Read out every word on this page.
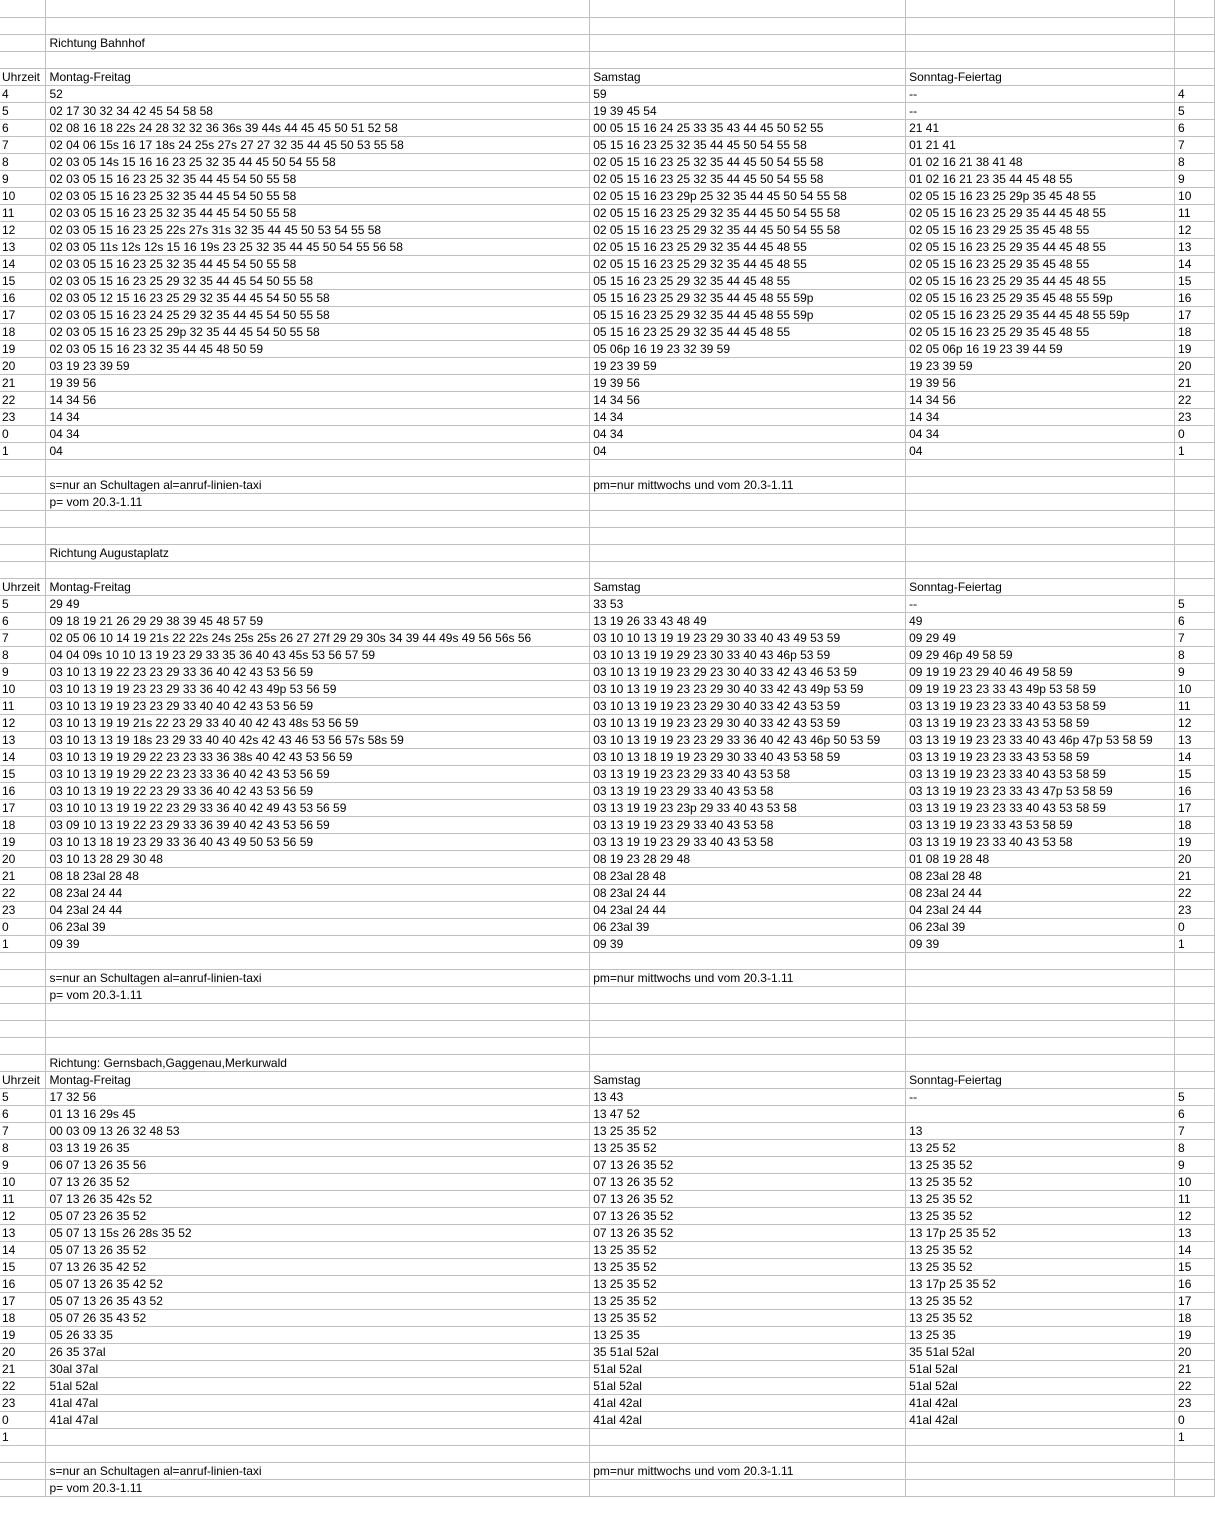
	Richtung Bahnhof			

Uhrzeit	Montag-Freitag	Samstag	Sonntag-Feiertag	
4	52	59	--	4
5	02 17 30 32 34 42 45 54 58 58	19 39 45 54	--	5
6	02 08 16 18 22s 24 28 32 32 36 36s 39 44s 44 45 45 50 51 52 58	00 05 15 16 24 25 33 35 43 44 45 50 52 55	21 41	6
7	02 04 06 15s 16 17 18s 24 25s 27s 27 27 32 35 44 45 50 53 55 58	05 15 16 23 25 32 35 44 45 50 54 55 58	01 21 41	7
8	02 03 05 14s 15 16 16 23 25 32 35 44 45 50 54 55 58	02 05 15 16 23 25 32 35 44 45 50 54 55 58	01 02 16 21 38 41 48	8
9	02 03 05 15 16 23 25 32 35 44 45 54 50 55 58	02 05 15 16 23 25 32 35 44 45 50 54 55 58	01 02 16 21 23 35 44 45 48 55	9
10	02 03 05 15 16 23 25 32 35 44 45 54 50 55 58	02 05 15 16 23 29p 25 32 35 44 45 50 54 55 58	02 05 15 16 23 25 29p 35 45 48 55	10
11	02 03 05 15 16 23 25 32 35 44 45 54 50 55 58	02 05 15 16 23 25 29 32 35 44 45 50 54 55 58	02 05 15 16 23 25 29 35 44 45 48 55	11
12	02 03 05 15 16 23 25 22s 27s 31s 32 35 44 45 50 53 54 55 58	02 05 15 16 23 25 29 32 35 44 45 50 54 55 58	02 05 15 16 23 29 25 35 45 48 55	12
13	02 03 05 11s 12s 12s 15 16 19s 23 25 32 35 44 45 50 54 55 56 58	02 05 15 16 23 25 29 32 35 44 45 48 55	02 05 15 16 23 25 29 35 44 45 48 55	13
14	02 03 05 15 16 23 25 32 35 44 45 54 50 55 58	02 05 15 16 23 25 29 32 35 44 45 48 55	02 05 15 16 23 25 29 35 45 48 55	14
15	02 03 05 15 16 23 25 29 32 35 44 45 54 50 55 58	05 15 16 23 25 29 32 35 44 45 48 55	02 05 15 16 23 25 29 35 44 45 48 55	15
16	02 03 05 12 15 16 23 25 29 32 35 44 45 54 50 55 58	05 15 16 23 25 29 32 35 44 45 48 55 59p	02 05 15 16 23 25 29 35 45 48 55 59p	16
17	02 03 05 15 16 23 24 25 29 32 35 44 45 54 50 55 58	05 15 16 23 25 29 32 35 44 45 48 55 59p	02 05 15 16 23 25 29 35 44 45 48 55 59p	17
18	02 03 05 15 16 23 25 29p 32 35 44 45 54 50 55 58	05 15 16 23 25 29 32 35 44 45 48 55	02 05 15 16 23 25 29 35 45 48 55	18
19	02 03 05 15 16 23 32 35 44 45 48 50 59	05 06p 16 19 23 32 39 59	02 05 06p 16 19 23 39 44 59	19
20	03 19 23 39 59	19 23 39 59	19 23 39 59	20
21	19 39 56	19 39 56	19 39 56	21
22	14 34 56	14 34 56	14 34 56	22
23	14 34	14 34	14 34	23
0	04 34	04 34	04 34	0
1	04	04	04	1

	s=nur an Schultagen al=anruf-linien-taxi	pm=nur mittwochs und vom 20.3-1.11		
	p= vom 20.3-1.11			

	Richtung Augustaplatz			

Uhrzeit	Montag-Freitag	Samstag	Sonntag-Feiertag	
5	29 49	33 53	--	5
6	09 18 19 21 26 29 29 38 39 45 48 57 59	13 19 26 33 43 48 49	49	6
7	02 05 06 10 14 19 21s 22 22s 24s 25s 25s 26 27 27f 29 29 30s 34 39 44 49s 49 56 56s 56	03 10 10 13 19 19 23 29 30 33 40 43 49 53 59	09 29 49	7
8	04 04 09s 10 10 13 19 23 29 33 35 36 40 43 45s 53 56 57 59	03 10 13 19 19 29 23 30 33 40 43 46p 53 59	09 29 46p 49 58 59	8
9	03 10 13 19 22 23 23 29 33 36 40 42 43 53 56 59	03 10 13 19 19 23 29 23 30 40 33 42 43 46 53 59	09 19 19 23 29 40 46 49 58 59	9
10	03 10 13 19 19 23 23 29 33 36 40 42 43 49p 53 56 59	03 10 13 19 19 23 23 29 30 40 33 42 43 49p 53 59	09 19 19 23 23 33 43 49p 53 58 59	10
11	03 10 13 19 19 23 23 29 33 40 40 42 43 53 56 59	03 10 13 19 19 23 23 29 30 40 33 42 43 53 59	03 13 19 19 23 23 33 40 43 53 58 59	11
12	03 10 13 19 19 21s 22 23 29 33 40 40 42 43 48s 53 56 59	03 10 13 19 19 23 23 29 30 40 33 42 43 53 59	03 13 19 19 23 23 33 43 53 58 59	12
13	03 10 13 13 19 18s 23 29 33 40 40 42s 42 43 46 53 56 57s 58s 59	03 10 13 19 19 23 23 29 33 36 40 42 43 46p 50 53 59	03 13 19 19 23 23 33 40 43 46p 47p 53 58 59	13
14	03 10 13 19 19 29 22 23 23 33 36 38s 40 42 43 53 56 59	03 10 13 18 19 19 23 29 30 33 40 43 53 58 59	03 13 19 19 23 23 33 43 53 58 59	14
15	03 10 13 19 19 29 22 23 23 33 36 40 42 43 53 56 59	03 13 19 19 23 23 29 33 40 43 53 58	03 13 19 19 23 23 33 40 43 53 58 59	15
16	03 10 13 19 19 22 23 29 33 36 40 42 43 53 56 59	03 13 19 19 23 29 33 40 43 53 58	03 13 19 19 23 23 33 43 47p 53 58 59	16
17	03 10 10 13 19 19 22 23 29 33 36 40 42 49 43 53 56 59	03 13 19 19 23 23p 29 33 40 43 53 58	03 13 19 19 23 23 33 40 43 53 58 59	17
18	03 09 10 13 19 22 23 29 33 36 39 40 42 43 53 56 59	03 13 19 19 23 29 33 40 43 53 58	03 13 19 19 23 33 43 53 58 59	18
19	03 10 13 18 19 23 29 33 36 40 43 49 50 53 56 59	03 13 19 19 23 29 33 40 43 53 58	03 13 19 19 23 33 40 43 53 58	19
20	03 10 13 28 29 30 48	08 19 23 28 29 48	01 08 19 28 48	20
21	08 18 23al 28 48	08 23al 28 48	08 23al 28 48	21
22	08 23al 24 44	08 23al 24 44	08 23al 24 44	22
23	04 23al 24 44	04 23al 24 44	04 23al 24 44	23
0	06 23al 39	06 23al 39	06 23al 39	0
1	09 39	09 39	09 39	1

	s=nur an Schultagen al=anruf-linien-taxi	pm=nur mittwochs und vom 20.3-1.11		
	p= vom 20.3-1.11			

	Richtung: Gernsbach,Gaggenau,Merkurwald			
Uhrzeit	Montag-Freitag	Samstag	Sonntag-Feiertag	
5	17 32 56	13 43	--	5
6	01 13 16 29s 45	13 47 52		6
7	00 03 09 13 26 32 48 53	13 25 35 52	13	7
8	03 13 19 26 35	13 25 35 52	13 25 52	8
9	06 07 13 26 35 56	07 13 26 35 52	13 25 35 52	9
10	07 13 26 35 52	07 13 26 35 52	13 25 35 52	10
11	07 13 26 35 42s 52	07 13 26 35 52	13 25 35 52	11
12	05 07 23 26 35 52	07 13 26 35 52	13 25 35 52	12
13	05 07 13 15s 26 28s 35 52	07 13 26 35 52	13 17p 25 35 52	13
14	05 07 13 26 35 52	13 25 35 52	13 25 35 52	14
15	07 13 26 35 42 52	13 25 35 52	13 25 35 52	15
16	05 07 13 26 35 42 52	13 25 35 52	13 17p 25 35 52	16
17	05 07 13 26 35 43 52	13 25 35 52	13 25 35 52	17
18	05 07 26 35 43 52	13 25 35 52	13 25 35 52	18
19	05 26 33 35	13 25 35	13 25 35	19
20	26 35 37al	35 51al 52al	35 51al 52al	20
21	30al 37al	51al 52al	51al 52al	21
22	51al 52al	51al 52al	51al 52al	22
23	41al 47al	41al 42al	41al 42al	23
0	41al 47al	41al 42al	41al 42al	0
1				1

	s=nur an Schultagen al=anruf-linien-taxi	pm=nur mittwochs und vom 20.3-1.11		
	p= vom 20.3-1.11			
